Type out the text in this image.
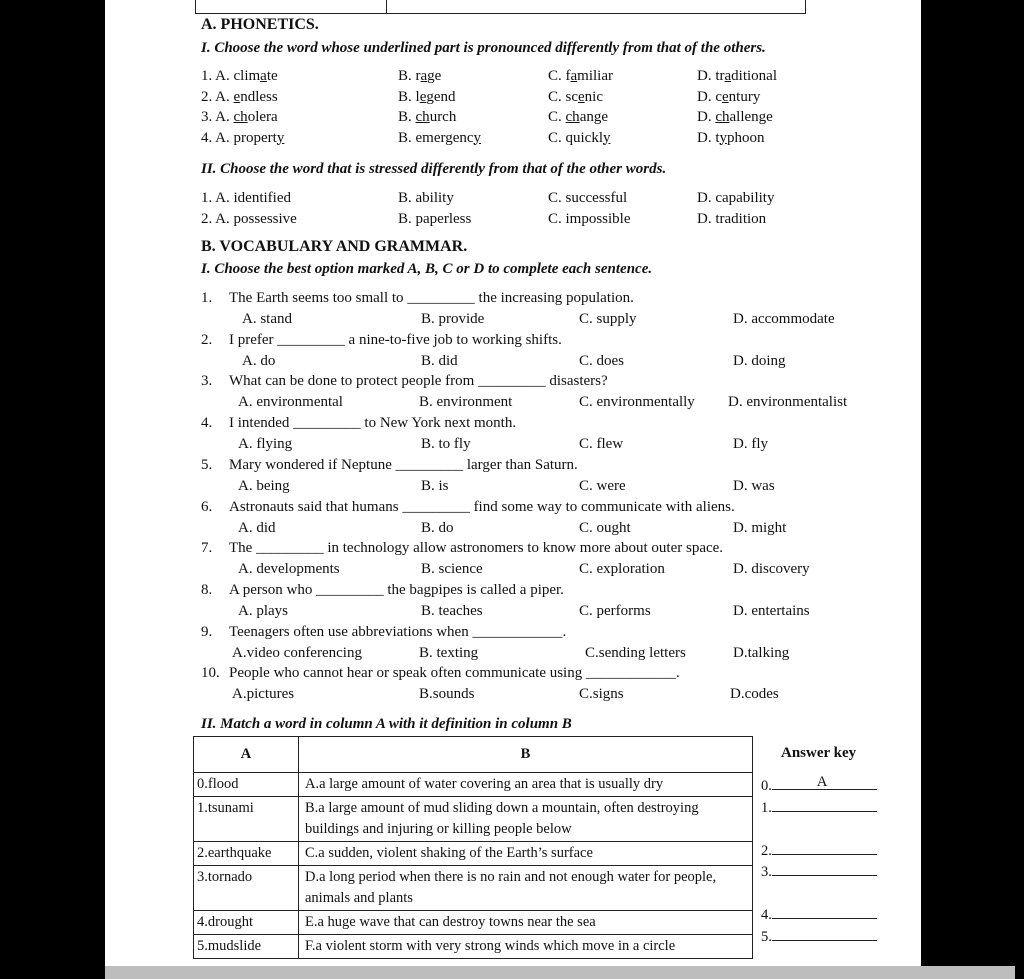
A. PHONETICS.
I. Choose the word whose underlined part is pronounced differently from that of the others.
1. A. climate	B. rage	C. familiar	D. traditional
2. A. endless	B. legend	C. scenic	D. century
3. A. cholera	B. church	C. change	D. challenge
4. A. property	B. emergency	C. quickly	D. typhoon
II. Choose the word that is stressed differently from that of the other words.
1. A. identified	B. ability	C. successful	D. capability
2. A. possessive	B. paperless	C. impossible	D. tradition
B. VOCABULARY AND GRAMMAR.
I. Choose the best option marked A, B, C or D to complete each sentence.
1. The Earth seems too small to _________ the increasing population.
A. stand	B. provide	C. supply	D. accommodate
2. I prefer _________ a nine-to-five job to working shifts.
A. do	B. did	C. does	D. doing
3. What can be done to protect people from _________ disasters?
A. environmental	B. environment	C. environmentally D. environmentalist
4. I intended _________ to New York next month.
A. flying	B. to fly	C. flew	D. fly
5. Mary wondered if Neptune _________ larger than Saturn.
A. being	B. is	C. were	D. was
6. Astronauts said that humans _________ find some way to communicate with aliens.
A. did	B. do	C. ought	D. might
7. The _________ in technology allow astronomers to know more about outer space.
A. developments	B. science	C. exploration	D. discovery
8. A person who _________ the bagpipes is called a piper.
A. plays	B. teaches	C. performs	D. entertains
9. Teenagers often use abbreviations when ____________.
A.video conferencing	B. texting	C.sending letters	D.talking
10. People who cannot hear or speak often communicate using ____________.
A.pictures	B.sounds	C.signs	D.codes
II. Match a word in column A with it definition in column B
A	B
0.flood	A.a large amount of water covering an area that is usually dry
1.tsunami	B.a large amount of mud sliding down a mountain, often destroying buildings and injuring or killing people below
2.earthquake	C.a sudden, violent shaking of the Earth’s surface
3.tornado	D.a long period when there is no rain and not enough water for people, animals and plants
4.drought	E.a huge wave that can destroy towns near the sea
5.mudslide	F.a violent storm with very strong winds which move in a circle
Answer key
0.	A
1.
2.
3.
4.
5.
